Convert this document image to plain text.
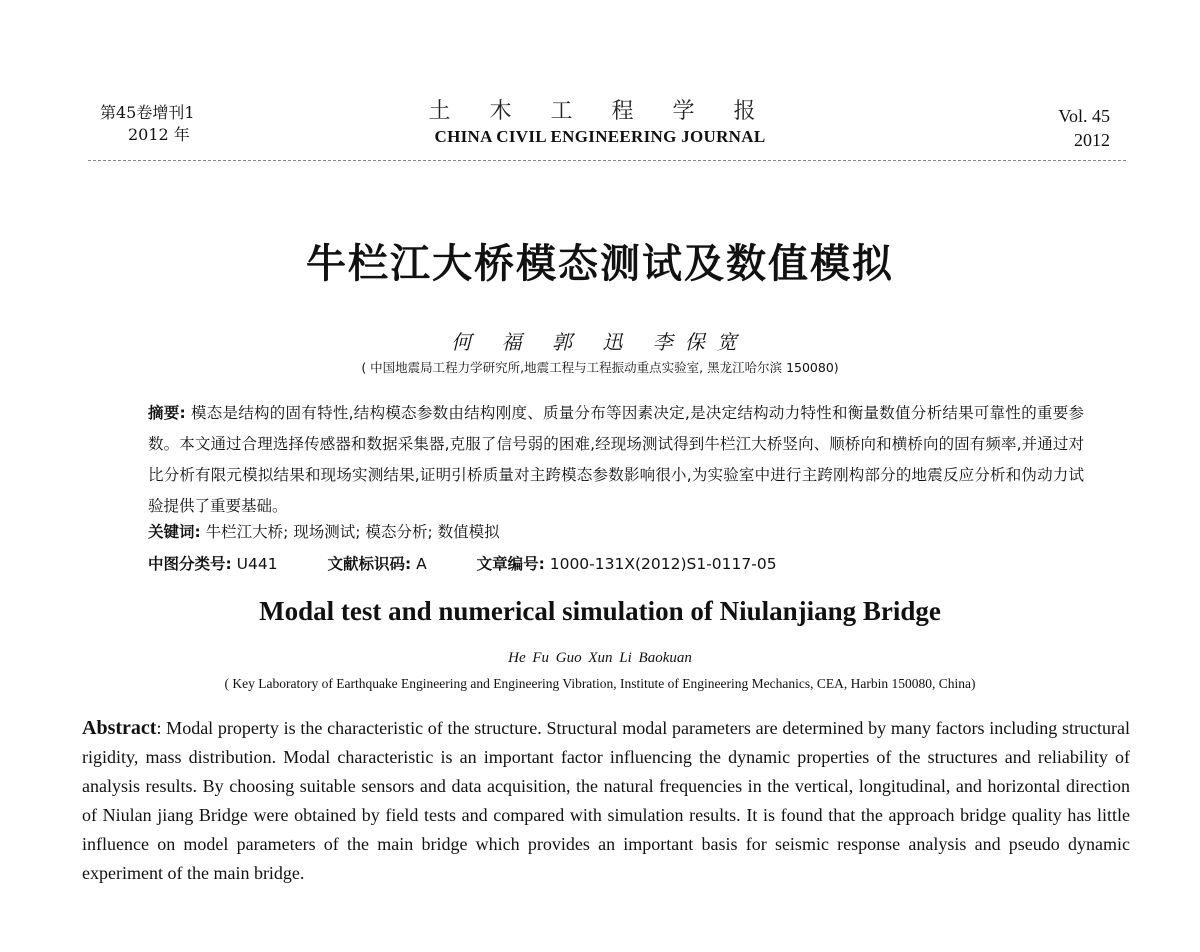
第45卷增刊1
2012 年
土 木 工 程 学 报
CHINA CIVIL ENGINEERING JOURNAL
Vol. 45
2012
牛栏江大桥模态测试及数值模拟
何 福 郭 迅 李保宽
( 中国地震局工程力学研究所,地震工程与工程振动重点实验室, 黑龙江哈尔滨 150080)
摘要: 模态是结构的固有特性,结构模态参数由结构刚度、质量分布等因素决定,是决定结构动力特性和衡量数值分析结果可靠性的重要参数。本文通过合理选择传感器和数据采集器,克服了信号弱的困难,经现场测试得到牛栏江大桥竖向、顺桥向和横桥向的固有频率,并通过对比分析有限元模拟结果和现场实测结果,证明引桥质量对主跨模态参数影响很小,为实验室中进行主跨刚构部分的地震反应分析和伪动力试验提供了重要基础。
关键词: 牛栏江大桥; 现场测试; 模态分析; 数值模拟
中图分类号: U441	文献标识码: A	文章编号: 1000-131X(2012)S1-0117-05
Modal test and numerical simulation of Niulanjiang Bridge
He Fu Guo Xun Li Baokuan
( Key Laboratory of Earthquake Engineering and Engineering Vibration, Institute of Engineering Mechanics, CEA, Harbin 150080, China)
Abstract: Modal property is the characteristic of the structure. Structural modal parameters are determined by many factors including structural rigidity, mass distribution. Modal characteristic is an important factor influencing the dynamic properties of the structures and reliability of analysis results. By choosing suitable sensors and data acquisition, the natural frequencies in the vertical, longitudinal, and horizontal direction of Niulan jiang Bridge were obtained by field tests and compared with simulation results. It is found that the approach bridge quality has little influence on model parameters of the main bridge which provides an important basis for seismic response analysis and pseudo dynamic experiment of the main bridge.
